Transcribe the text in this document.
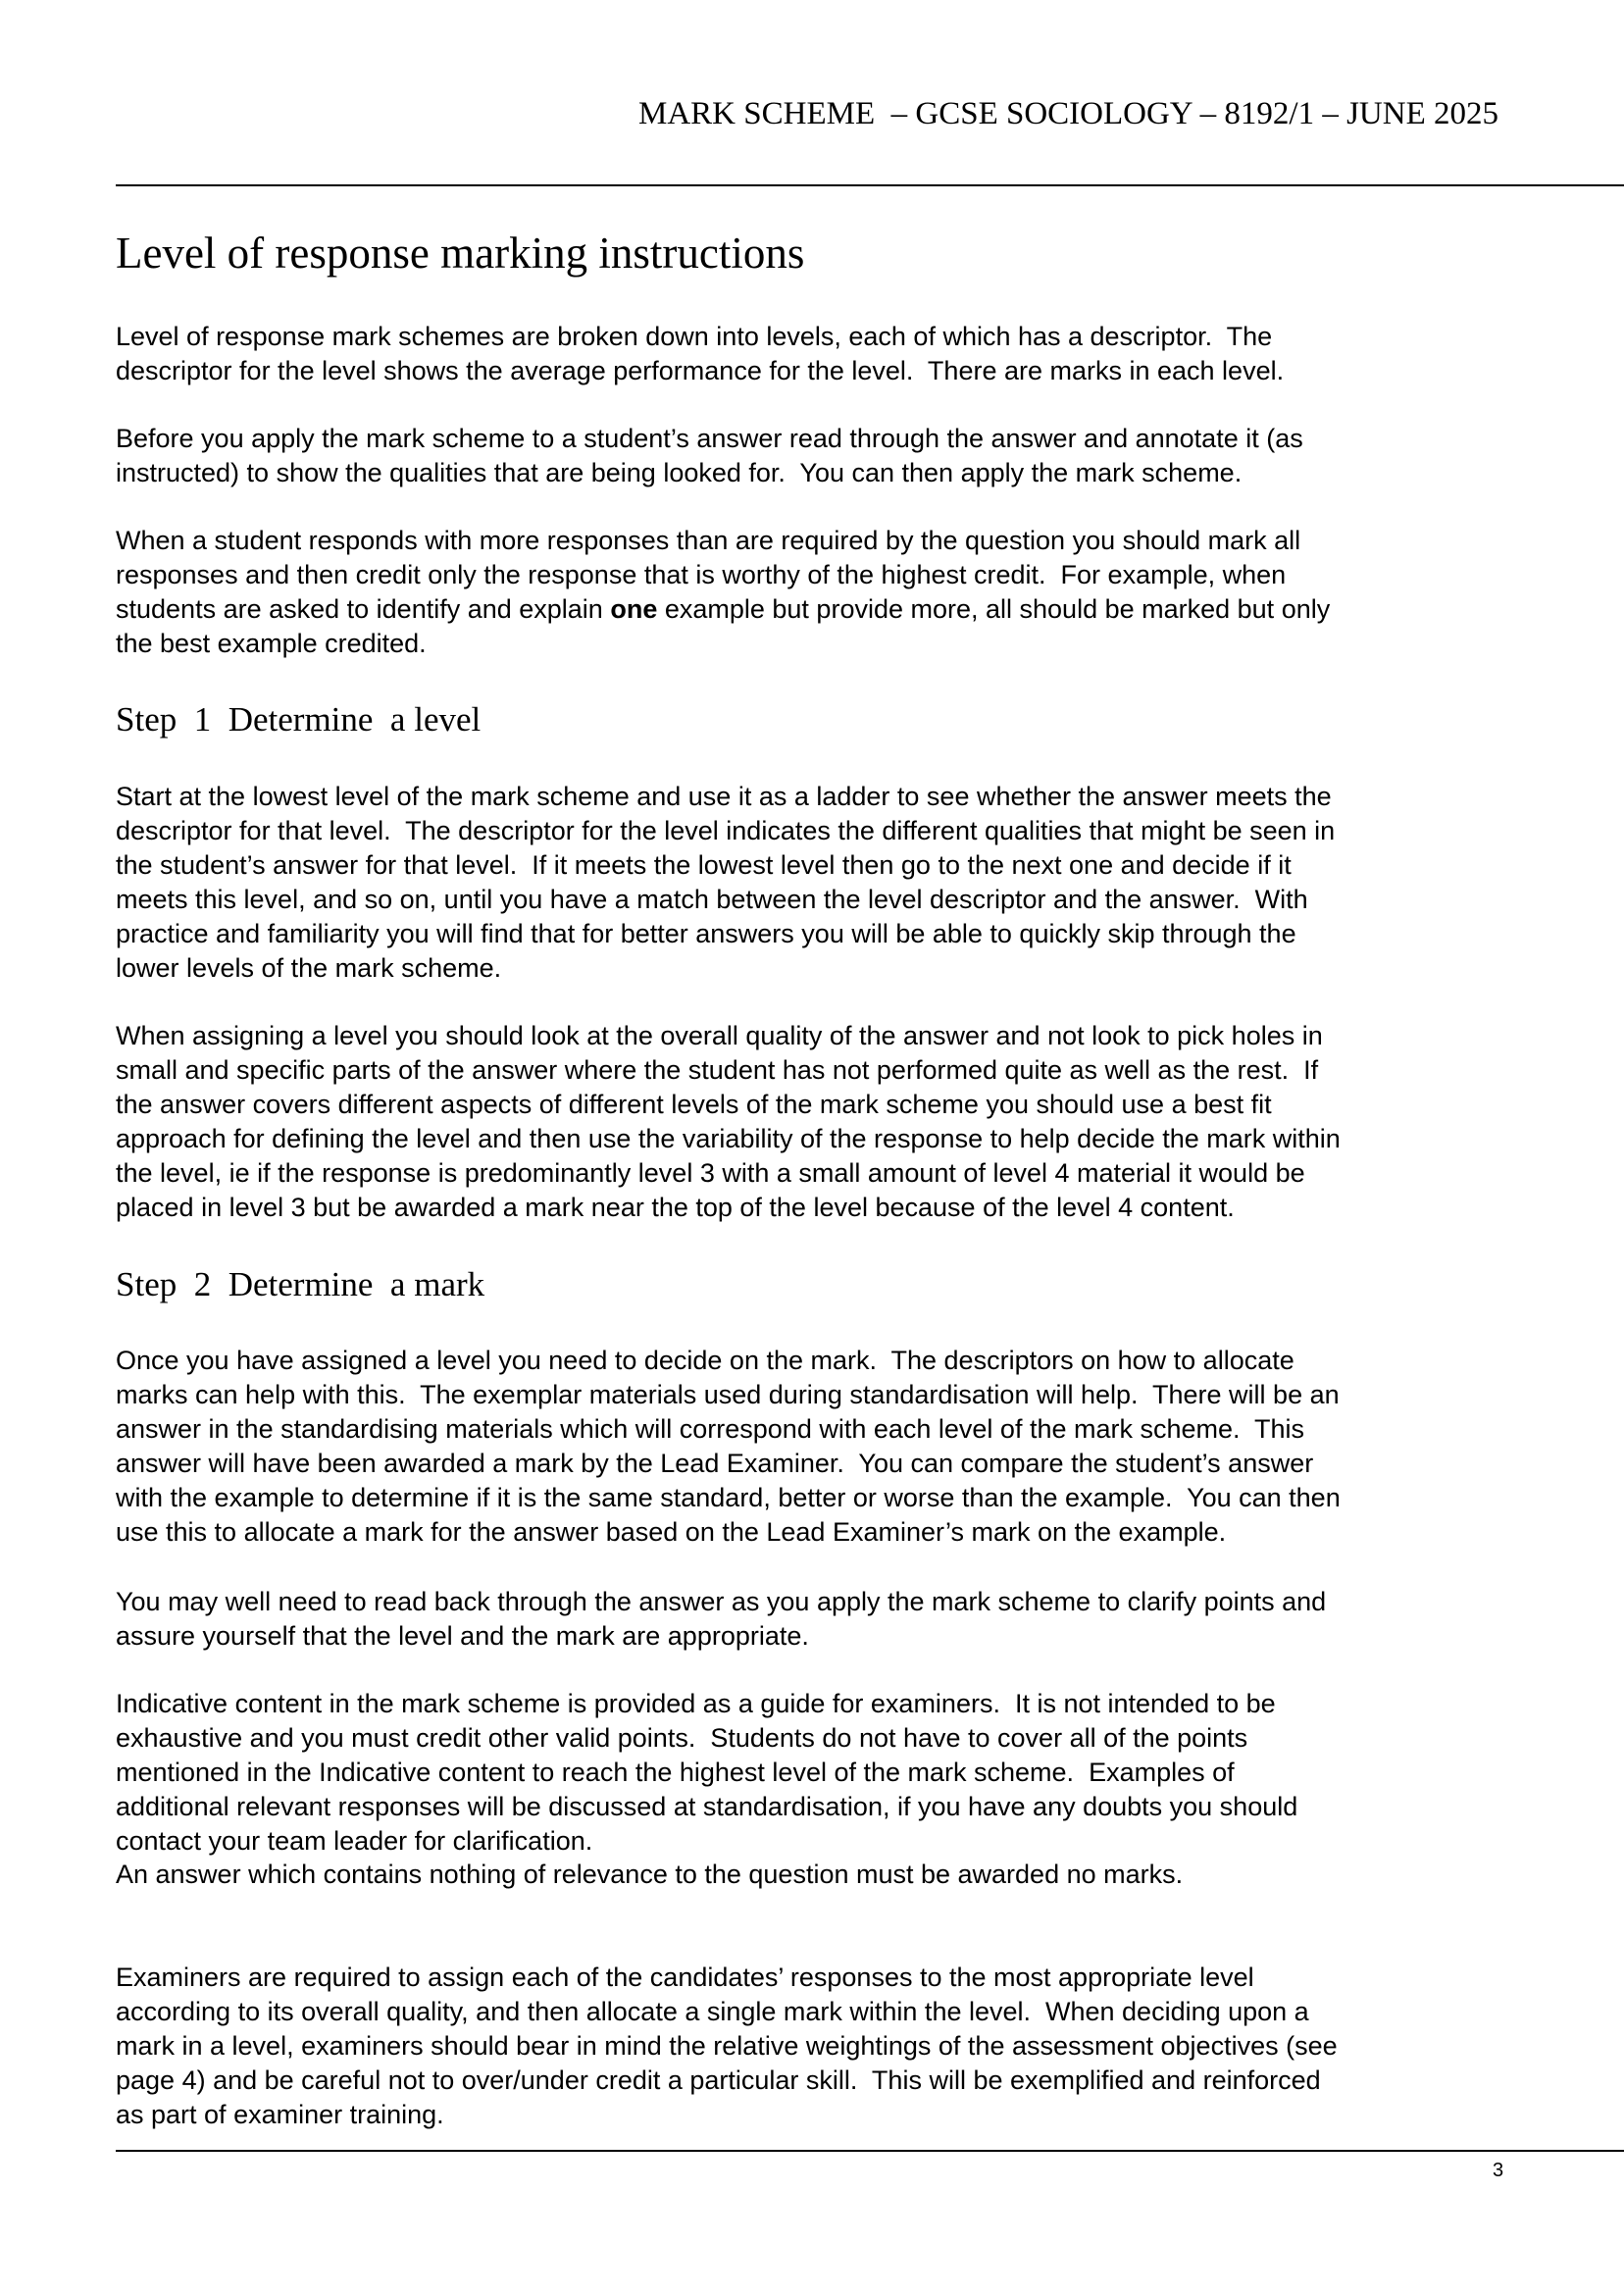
MARK SCHEME  – GCSE SOCIOLOGY – 8192/1 – JUNE 2025
Level of response marking instructions
Level of response mark schemes are broken down into levels, each of which has a descriptor.  The
descriptor for the level shows the average performance for the level.  There are marks in each level.
Before you apply the mark scheme to a student’s answer read through the answer and annotate it (as
instructed) to show the qualities that are being looked for.  You can then apply the mark scheme.
When a student responds with more responses than are required by the question you should mark all
responses and then credit only the response that is worthy of the highest credit.  For example, when
students are asked to identify and explain one example but provide more, all should be marked but only
the best example credited.
Step  1  Determine  a level
Start at the lowest level of the mark scheme and use it as a ladder to see whether the answer meets the
descriptor for that level.  The descriptor for the level indicates the different qualities that might be seen in
the student’s answer for that level.  If it meets the lowest level then go to the next one and decide if it
meets this level, and so on, until you have a match between the level descriptor and the answer.  With
practice and familiarity you will find that for better answers you will be able to quickly skip through the
lower levels of the mark scheme.
When assigning a level you should look at the overall quality of the answer and not look to pick holes in
small and specific parts of the answer where the student has not performed quite as well as the rest.  If
the answer covers different aspects of different levels of the mark scheme you should use a best fit
approach for defining the level and then use the variability of the response to help decide the mark within
the level, ie if the response is predominantly level 3 with a small amount of level 4 material it would be
placed in level 3 but be awarded a mark near the top of the level because of the level 4 content.
Step  2  Determine  a mark
Once you have assigned a level you need to decide on the mark.  The descriptors on how to allocate
marks can help with this.  The exemplar materials used during standardisation will help.  There will be an
answer in the standardising materials which will correspond with each level of the mark scheme.  This
answer will have been awarded a mark by the Lead Examiner.  You can compare the student’s answer
with the example to determine if it is the same standard, better or worse than the example.  You can then
use this to allocate a mark for the answer based on the Lead Examiner’s mark on the example.
You may well need to read back through the answer as you apply the mark scheme to clarify points and
assure yourself that the level and the mark are appropriate.
Indicative content in the mark scheme is provided as a guide for examiners.  It is not intended to be
exhaustive and you must credit other valid points.  Students do not have to cover all of the points
mentioned in the Indicative content to reach the highest level of the mark scheme.  Examples of
additional relevant responses will be discussed at standardisation, if you have any doubts you should
contact your team leader for clarification.
An answer which contains nothing of relevance to the question must be awarded no marks.
Examiners are required to assign each of the candidates’ responses to the most appropriate level
according to its overall quality, and then allocate a single mark within the level.  When deciding upon a
mark in a level, examiners should bear in mind the relative weightings of the assessment objectives (see
page 4) and be careful not to over/under credit a particular skill.  This will be exemplified and reinforced
as part of examiner training.
3
